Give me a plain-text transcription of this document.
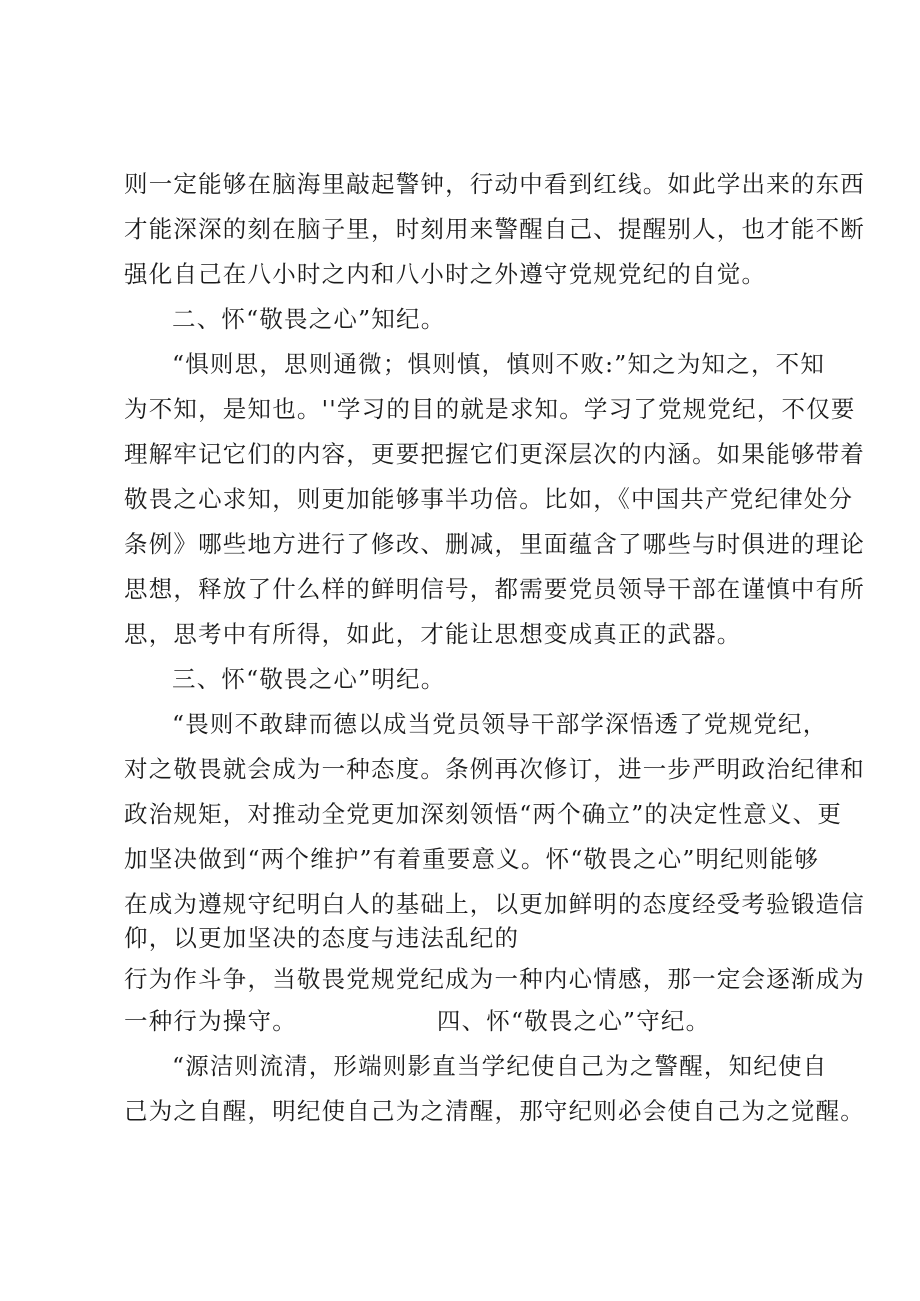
则一定能够在脑海里敲起警钟，行动中看到红线。如此学出来的东西
才能深深的刻在脑子里，时刻用来警醒自己、提醒别人，也才能不断
强化自己在八小时之内和八小时之外遵守党规党纪的自觉。
二、怀“敬畏之心”知纪。
“惧则思，思则通微；惧则慎，慎则不败:”知之为知之，不知
为不知，是知也。''学习的目的就是求知。学习了党规党纪，不仅要
理解牢记它们的内容，更要把握它们更深层次的内涵。如果能够带着
敬畏之心求知，则更加能够事半功倍。比如，《中国共产党纪律处分
条例》哪些地方进行了修改、删减，里面蕴含了哪些与时俱进的理论
思想，释放了什么样的鲜明信号，都需要党员领导干部在谨慎中有所
思，思考中有所得，如此，才能让思想变成真正的武器。
三、怀“敬畏之心”明纪。
“畏则不敢肆而德以成当党员领导干部学深悟透了党规党纪，
对之敬畏就会成为一种态度。条例再次修订，进一步严明政治纪律和
政治规矩，对推动全党更加深刻领悟“两个确立”的决定性意义、更
加坚决做到“两个维护”有着重要意义。怀“敬畏之心”明纪则能够
在成为遵规守纪明白人的基础上，以更加鲜明的态度经受考验锻造信
仰，以更加坚决的态度与违法乱纪的
行为作斗争，当敬畏党规党纪成为一种内心情感，那一定会逐渐成为
一种行为操守。	四、怀“敬畏之心”守纪。
“源洁则流清，形端则影直当学纪使自己为之警醒，知纪使自
己为之自醒，明纪使自己为之清醒，那守纪则必会使自己为之觉醒。
